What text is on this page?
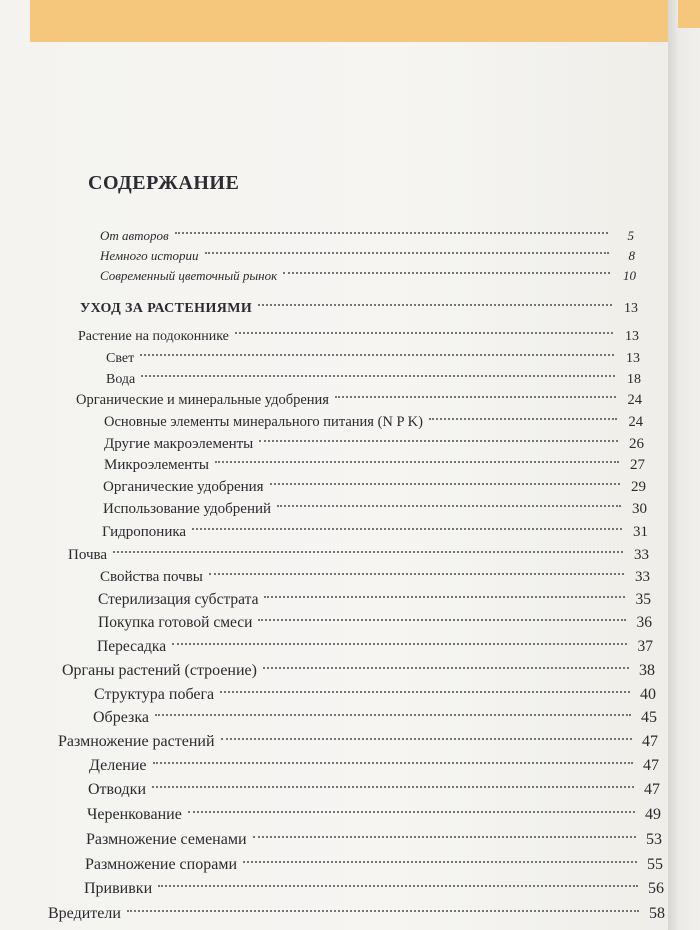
СОДЕРЖАНИЕ
От авторов	5
Немного истории	8
Современный цветочный рынок	10
УХОД ЗА РАСТЕНИЯМИ	13
Растение на подоконнике	13
Свет	13
Вода	18
Органические и минеральные удобрения	24
Основные элементы минерального питания (N P K)	24
Другие макроэлементы	26
Микроэлементы	27
Органические удобрения	29
Использование удобрений	30
Гидропоника	31
Почва	33
Свойства почвы	33
Стерилизация субстрата	35
Покупка готовой смеси	36
Пересадка	37
Органы растений (строение)	38
Структура побега	40
Обрезка	45
Размножение растений	47
Деление	47
Отводки	47
Черенкование	49
Размножение семенами	53
Размножение спорами	55
Прививки	56
Вредители	58
